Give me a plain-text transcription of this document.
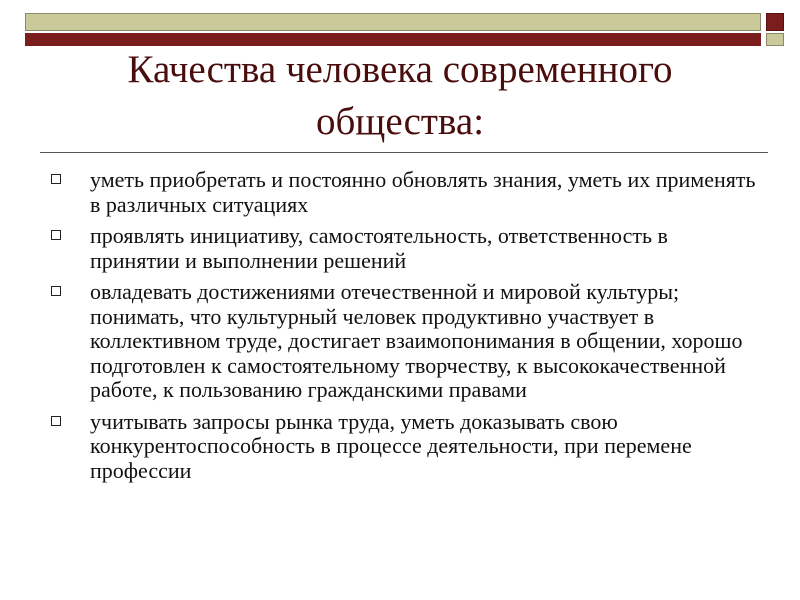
Качества человека современного общества:
уметь приобретать и постоянно обновлять знания, уметь их применять в различных ситуациях
проявлять инициативу, самостоятельность, ответственность в принятии и выполнении решений
овладевать достижениями отечественной и мировой культуры; понимать, что культурный человек продуктивно участвует в коллективном труде, достигает взаимопонимания в общении, хорошо подготовлен к самостоятельному творчеству, к высококачественной работе, к пользованию гражданскими правами
учитывать запросы рынка труда, уметь доказывать свою конкурентоспособность в процессе деятельности, при перемене профессии
